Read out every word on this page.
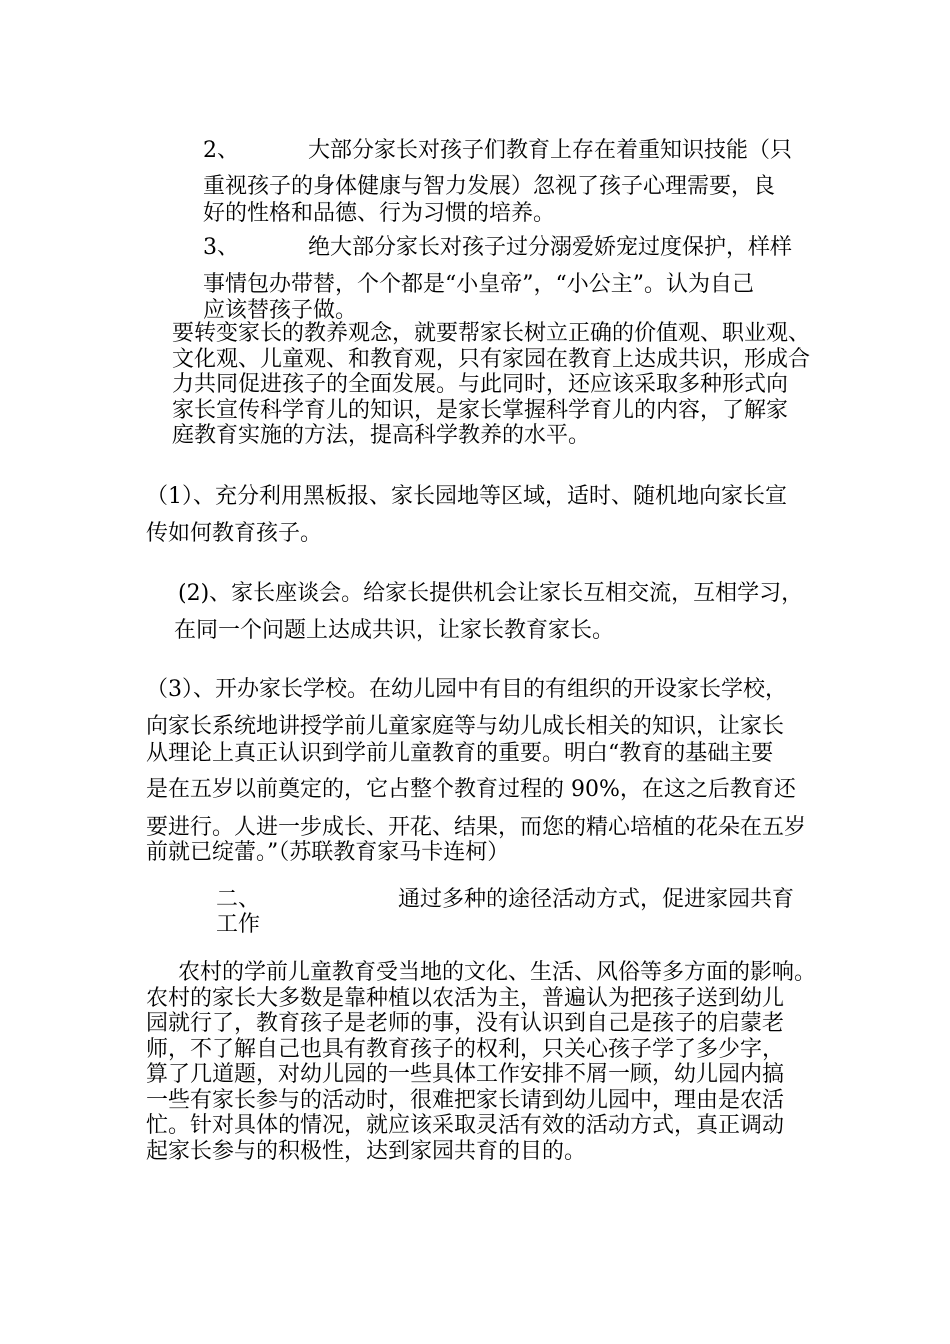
2、	大部分家长对孩子们教育上存在着重知识技能（只
重视孩子的身体健康与智力发展）忽视了孩子心理需要，良
好的性格和品德、行为习惯的培养。
3、	绝大部分家长对孩子过分溺爱娇宠过度保护，样样
事情包办带替，个个都是“小皇帝”，“小公主”。认为自己
应该替孩子做。
要转变家长的教养观念，就要帮家长树立正确的价值观、职业观、
文化观、儿童观、和教育观，只有家园在教育上达成共识，形成合
力共同促进孩子的全面发展。与此同时，还应该采取多种形式向
家长宣传科学育儿的知识，是家长掌握科学育儿的内容，了解家
庭教育实施的方法，提高科学教养的水平。
（1）、充分利用黑板报、家长园地等区域，适时、随机地向家长宣
传如何教育孩子。
(2)、家长座谈会。给家长提供机会让家长互相交流，互相学习，
在同一个问题上达成共识，让家长教育家长。
（3）、开办家长学校。在幼儿园中有目的有组织的开设家长学校，
向家长系统地讲授学前儿童家庭等与幼儿成长相关的知识，让家长
从理论上真正认识到学前儿童教育的重要。明白“教育的基础主要
是在五岁以前奠定的，它占整个教育过程的 90%，在这之后教育还
要进行。人进一步成长、开花、结果，而您的精心培植的花朵在五岁
前就已绽蕾。”（苏联教育家马卡连柯）
二、	通过多种的途径活动方式，促进家园共育
工作
农村的学前儿童教育受当地的文化、生活、风俗等多方面的影响。
农村的家长大多数是靠种植以农活为主，普遍认为把孩子送到幼儿
园就行了，教育孩子是老师的事，没有认识到自己是孩子的启蒙老
师，不了解自己也具有教育孩子的权利，只关心孩子学了多少字，
算了几道题，对幼儿园的一些具体工作安排不屑一顾，幼儿园内搞
一些有家长参与的活动时，很难把家长请到幼儿园中，理由是农活
忙。针对具体的情况，就应该采取灵活有效的活动方式，真正调动
起家长参与的积极性，达到家园共育的目的。
